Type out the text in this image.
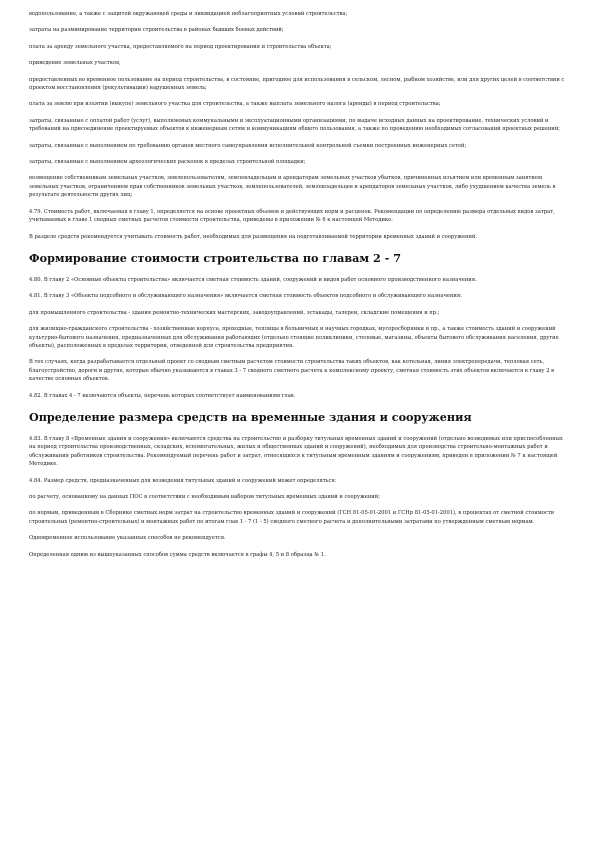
водопользование, а также с защитой окружающей среды и ликвидацией неблагоприятных условий строительства;

затраты на разминирование территории строительства в районах бывших боевых действий;

плата за аренду земельного участка, предоставляемого на период проектирования и строительства объекта;

приведение земельных участков,

предоставленных во временное пользование на период строительства, в состояние, пригодное для использования в сельском, лесном, рыбном хозяйстве, или для других целей в соответствии с проектом восстановления (рекультивации) нарушенных земель;

плата за землю при изъятии (выкупе) земельного участка для строительства, а также выплата земельного налога (аренды) в период строительства;

затраты, связанные с оплатой работ (услуг), выполняемых коммунальными и эксплуатационными организациями, по выдаче исходных данных на проектирование, технических условий и требований на присоединение проектируемых объектов к инженерным сетям и коммуникациям общего пользования, а также по проведению необходимых согласований проектных решений;

затраты, связанные с выполнением по требованию органов местного самоуправления исполнительной контрольной съемки построенных инженерных сетей;

затраты, связанные с выполнением археологических раскопок в пределах строительной площадки;

возмещение собственникам земельных участков, землепользователям, землевладельцам и арендаторам земельных участков убытков, причиненных изъятием или временным занятием земельных участков, ограничением прав собственников земельных участков, землепользователей, землевладельцев и арендаторов земельных участков, либо ухудшением качества земель в результате деятельности других лиц;

4.79. Стоимость работ, включаемая в главу 1, определяется на основе проектных объемов и действующих норм и расценок. Рекомендации по определению размера отдельных видов затрат, учитываемых в главе 1 сводных сметных расчетов стоимости строительства, приведены в приложении № 6 к настоящей Методике.

В разделе средств рекомендуется учитывать стоимость работ, необходимых для размещения на подготавливаемой территории временных зданий и сооружений.

Формирование стоимости строительства по главам 2 - 7

4.80. В главу 2 «Основные объекты строительства» включается сметная стоимость зданий, сооружений и видов работ основного производственного назначения.

4.81. В главу 3 «Объекты подсобного и обслуживающего назначения» включается сметная стоимость объектов подсобного и обслуживающего назначения:

для промышленного строительства - здания ремонтно-технических мастерских, заводоуправлений, эстакады, галереи, складские помещения и пр.;

для жилищно-гражданского строительства - хозяйственные корпуса, проходные, теплицы в больничных и научных городках, мусоросборники и пр., а также стоимость зданий и сооружений культурно-бытового назначения, предназначенных для обслуживания работающих (отдельно стоящие поликлиники, столовые, магазины, объекты бытового обслуживания населения, другие объекты), расположенных в пределах территории, отведенной для строительства предприятия.

В тех случаях, когда разрабатывается отдельный проект со сводным сметным расчетом стоимости строительства таких объектов, как котельная, линия электропередачи, тепловая сеть, благоустройство, дороги и другие, которые обычно указываются в главах 3 - 7 сводного сметного расчета к комплексному проекту, сметная стоимость этих объектов включается в главу 2 в качестве основных объектов.

4.82. В главах 4 - 7 включаются объекты, перечень которых соответствует наименованиям глав.

Определение размера средств на временные здания и сооружения

4.83. В главу 8 «Временные здания и сооружения» включаются средства на строительство и разборку титульных временных зданий и сооружений (отдельно возводимых или приспособленных на период строительства производственных, складских, вспомогательных, жилых и общественных зданий и сооружений), необходимых для производства строительно-монтажных работ и обслуживания работников строительства. Рекомендуемый перечень работ и затрат, относящихся к титульным временным зданиям и сооружениям, приведен в приложении № 7 к настоящей Методике.

4.84. Размер средств, предназначенных для возведения титульных зданий и сооружений может определяться:

по расчету, основанному на данных ПОС в соответствии с необходимым набором титульных временных зданий и сооружений;

по нормам, приведенным в Сборнике сметных норм затрат на строительство временных зданий и сооружений (ГСН 81-05-01-2001 и ГСНр 81-05-01-2001), в процентах от сметной стоимости строительных (ремонтно-строительных) и монтажных работ по итогам глав 1 - 7 (1 - 5) сводного сметного расчета и дополнительными затратами по утвержденным сметным нормам.

Одновременное использование указанных способов не рекомендуется.

Определенная одним из вышеуказанных способов сумма средств включается в графы 4, 5 и 8 образца № 1.
